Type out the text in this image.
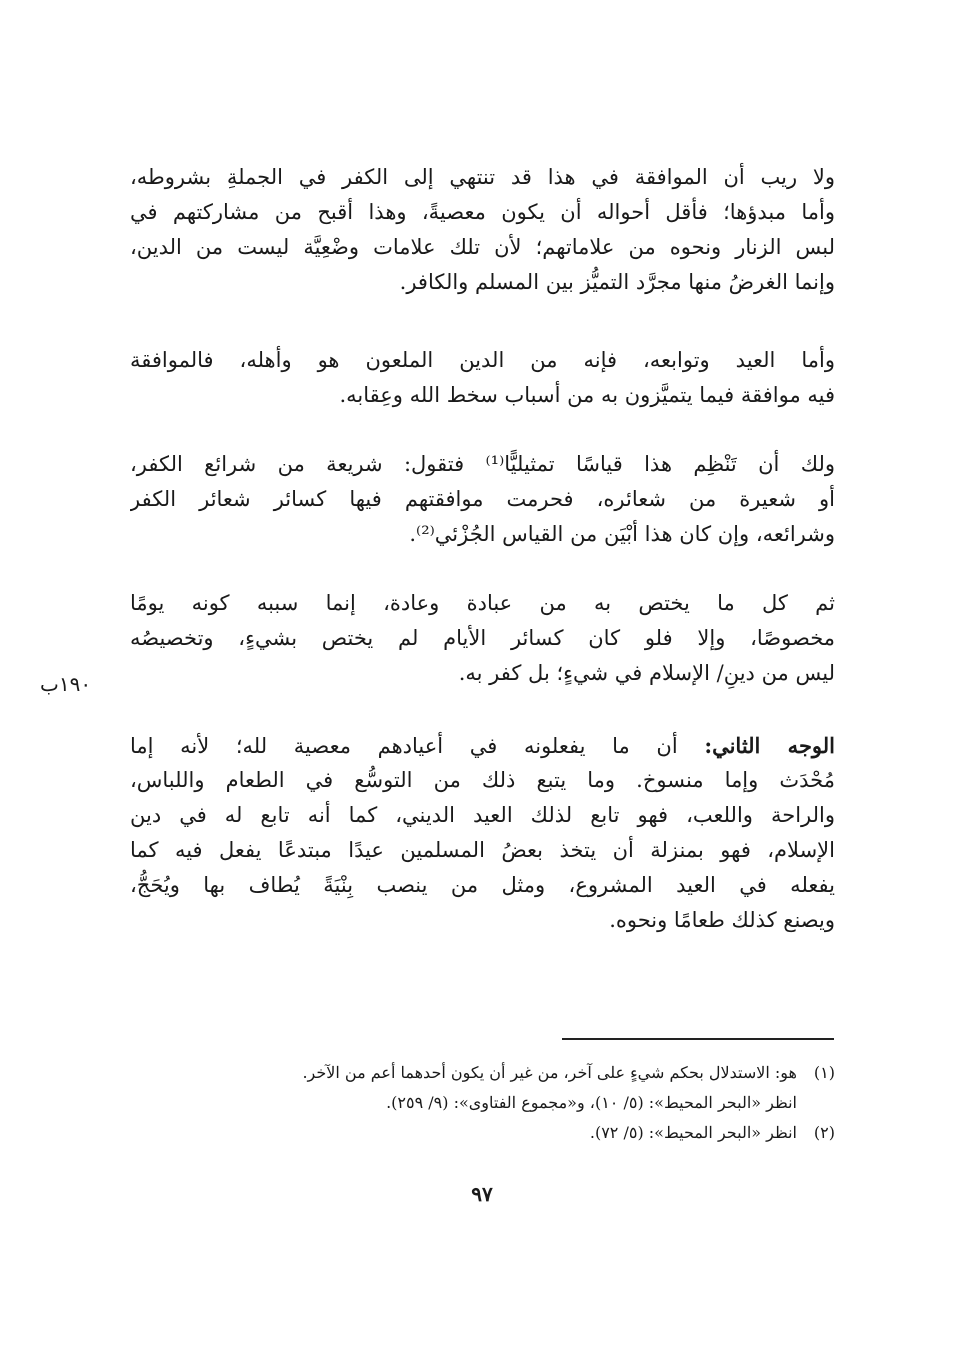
ولا ريب أن الموافقة في هذا قد تنتهي إلى الكفر في الجملةِ بشروطه،
وأما مبدؤها؛ فأقل أحواله أن يكون معصيةً، وهذا أقبح من مشاركتهم في
لبس الزنار ونحوه من علاماتهم؛ لأن تلك علامات وضْعِيَّة ليست من الدين،
وإنما الغرضُ منها مجرَّد التميُّز بين المسلم والكافر.

وأما العيد وتوابعه، فإنه من الدين الملعون هو وأهله، فالموافقة
فيه موافقة فيما يتميَّزون به من أسباب سخط الله وعِقابه.

ولك أن تَنْظِم هذا قياسًا تمثيليًّا⁽¹⁾ فتقول: شريعة من شرائع الكفر،
أو شعيرة من شعائره، فحرمت موافقتهم فيها كسائر شعائر الكفر
وشرائعه، وإن كان هذا أبْيَن من القياس الجُزْئي⁽²⁾.

ثم كل ما يختص به من عبادة وعادة، إنما سببه كونه يومًا
مخصوصًا، وإلا فلو كان كسائر الأيام لم يختص بشيءٍ، وتخصيصُه
ليس من دينِ/ الإسلام في شيءٍ؛ بل كفر به.

١٩٠ب

الوجه الثاني: أن ما يفعلونه في أعيادهم معصية لله؛ لأنه إما
مُحْدَث وإما منسوخ. وما يتبع ذلك من التوسُّع في الطعام واللباس،
والراحة واللعب، فهو تابع لذلك العيد الديني، كما أنه تابع له في دين
الإسلام، فهو بمنزلة أن يتخذ بعضُ المسلمين عيدًا مبتدعًا يفعل فيه كما
يفعله في العيد المشروع، ومثل من ينصب بِنْيَةً يُطاف بها ويُحَجُّ،
ويصنع كذلك طعامًا ونحوه.

(١)
هو: الاستدلال بحكم شيءٍ على آخر، من غير أن يكون أحدهما أعم من الآخر.
انظر «البحر المحيط»: (٥/ ١٠)، و«مجموع الفتاوى»: (٩/ ٢٥٩).
(٢)
انظر «البحر المحيط»: (٥/ ٧٢).
٩٧
